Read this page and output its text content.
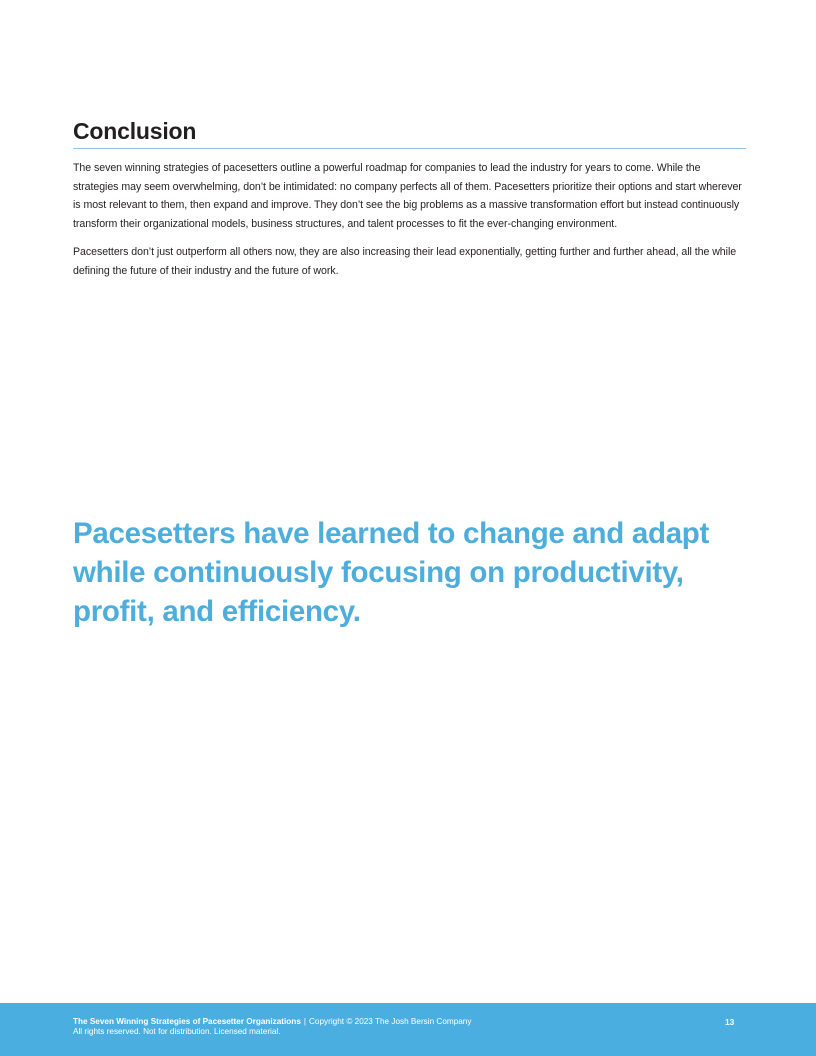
Conclusion

The seven winning strategies of pacesetters outline a powerful roadmap for companies to lead the industry for years to come. While the strategies may seem overwhelming, don’t be intimidated: no company perfects all of them. Pacesetters prioritize their options and start wherever is most relevant to them, then expand and improve. They don’t see the big problems as a massive transformation effort but instead continuously transform their organizational models, business structures, and talent processes to fit the ever-changing environment.

Pacesetters don’t just outperform all others now, they are also increasing their lead exponentially, getting further and further ahead, all the while defining the future of their industry and the future of work.

Pacesetters have learned to change and adapt while continuously focusing on productivity, profit, and efficiency.

The Seven Winning Strategies of Pacesetter Organizations | Copyright © 2023 The Josh Bersin Company
All rights reserved. Not for distribution. Licensed material.
13
